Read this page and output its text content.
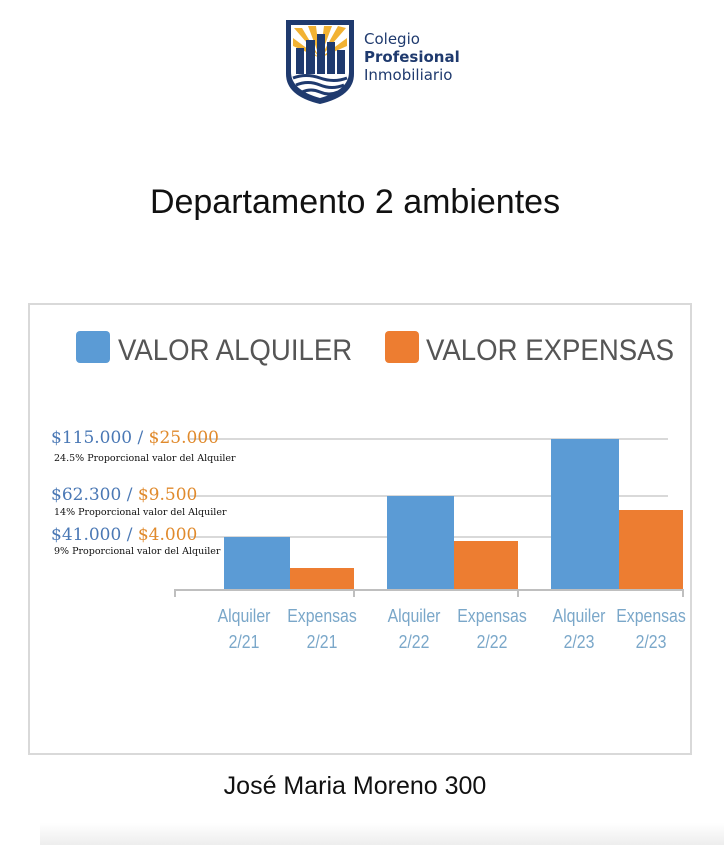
Colegio
Profesional
Inmobiliario
Departamento 2 ambientes
VALOR ALQUILER VALOR EXPENSAS
$115.000 / $25.000
24.5% Proporcional valor del Alquiler
$62.300 / $9.500
14% Proporcional valor del Alquiler
$41.000 / $4.000
9% Proporcional valor del Alquiler
Alquiler
2/21
Expensas
2/21
Alquiler
2/22
Expensas
2/22
Alquiler
2/23
Expensas
2/23
José Maria Moreno 300
